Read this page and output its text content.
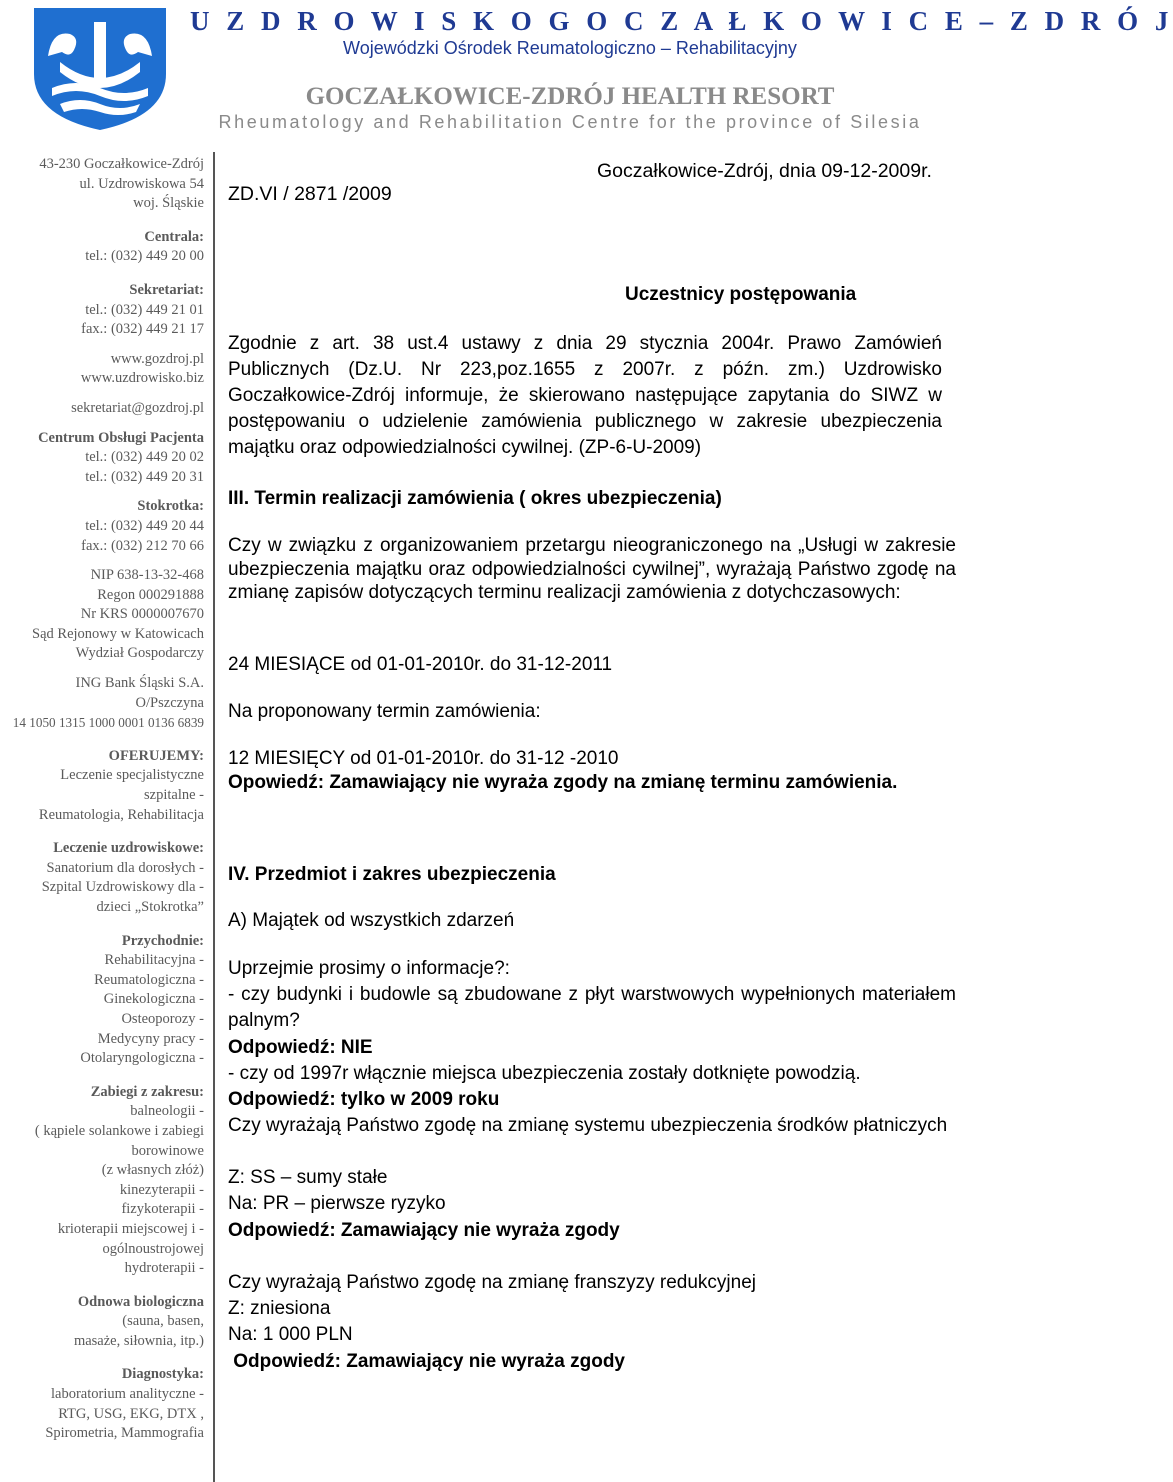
U Z D R O W I S K O G O C Z A Ł K O W I C E – Z D R Ó J
Wojewódzki Ośrodek Reumatologiczno – Rehabilitacyjny
GOCZAŁKOWICE-ZDRÓJ HEALTH RESORT
Rheumatology and Rehabilitation Centre for the province of Silesia
43-230 Goczałkowice-Zdrój
ul. Uzdrowiskowa 54
woj. Śląskie
Centrala:
tel.: (032) 449 20 00
Sekretariat:
tel.: (032) 449 21 01
fax.: (032) 449 21 17
www.gozdroj.pl
www.uzdrowisko.biz
sekretariat@gozdroj.pl
Centrum Obsługi Pacjenta
tel.: (032) 449 20 02
tel.: (032) 449 20 31
Stokrotka:
tel.: (032) 449 20 44
fax.: (032) 212 70 66
NIP 638-13-32-468
Regon 000291888
Nr KRS 0000007670
Sąd Rejonowy w Katowicach
Wydział Gospodarczy
ING Bank Śląski S.A.
O/Pszczyna
14 1050 1315 1000 0001 0136 6839
OFERUJEMY:
Leczenie specjalistyczne
szpitalne -
Reumatologia, Rehabilitacja
Leczenie uzdrowiskowe:
Sanatorium dla dorosłych -
Szpital Uzdrowiskowy dla -
dzieci „Stokrotka”
Przychodnie:
Rehabilitacyjna -
Reumatologiczna -
Ginekologiczna -
Osteoporozy -
Medycyny pracy -
Otolaryngologiczna -
Zabiegi z zakresu:
balneologii -
( kąpiele solankowe i zabiegi
borowinowe
(z własnych złóż)
kinezyterapii -
fizykoterapii -
krioterapii miejscowej i -
ogólnoustrojowej
hydroterapii -
Odnowa biologiczna
(sauna, basen,
masaże, siłownia, itp.)
Diagnostyka:
laboratorium analityczne -
RTG, USG, EKG, DTX ,
Spirometria, Mammografia
Goczałkowice-Zdrój, dnia 09-12-2009r.
ZD.VI / 2871 /2009
Uczestnicy postępowania
Zgodnie z art. 38 ust.4 ustawy z dnia 29 stycznia 2004r. Prawo Zamówień Publicznych (Dz.U. Nr 223,poz.1655 z 2007r. z późn. zm.) Uzdrowisko Goczałkowice-Zdrój informuje, że skierowano następujące zapytania do SIWZ w postępowaniu o udzielenie zamówienia publicznego w zakresie ubezpieczenia majątku oraz odpowiedzialności cywilnej. (ZP-6-U-2009)
III. Termin realizacji zamówienia ( okres ubezpieczenia)
Czy w związku z organizowaniem przetargu nieograniczonego na „Usługi w zakresie ubezpieczenia majątku oraz odpowiedzialności cywilnej”, wyrażają Państwo zgodę na zmianę zapisów dotyczących terminu realizacji zamówienia z dotychczasowych:
24 MIESIĄCE od 01-01-2010r. do 31-12-2011
Na proponowany termin zamówienia:
12 MIESIĘCY od 01-01-2010r. do 31-12 -2010
Opowiedź: Zamawiający nie wyraża zgody na zmianę terminu zamówienia.
IV. Przedmiot i zakres ubezpieczenia
A) Majątek od wszystkich zdarzeń
Uprzejmie prosimy o informacje?:
- czy budynki i budowle są zbudowane z płyt warstwowych wypełnionych materiałem palnym?
Odpowiedź: NIE
- czy od 1997r włącznie miejsca ubezpieczenia zostały dotknięte powodzią.
Odpowiedź: tylko w 2009 roku
Czy wyrażają Państwo zgodę na zmianę systemu ubezpieczenia środków płatniczych
Z: SS – sumy stałe
Na: PR – pierwsze ryzyko
Odpowiedź: Zamawiający nie wyraża zgody
Czy wyrażają Państwo zgodę na zmianę franszyzy redukcyjnej
Z: zniesiona
Na: 1 000 PLN
Odpowiedź: Zamawiający nie wyraża zgody
